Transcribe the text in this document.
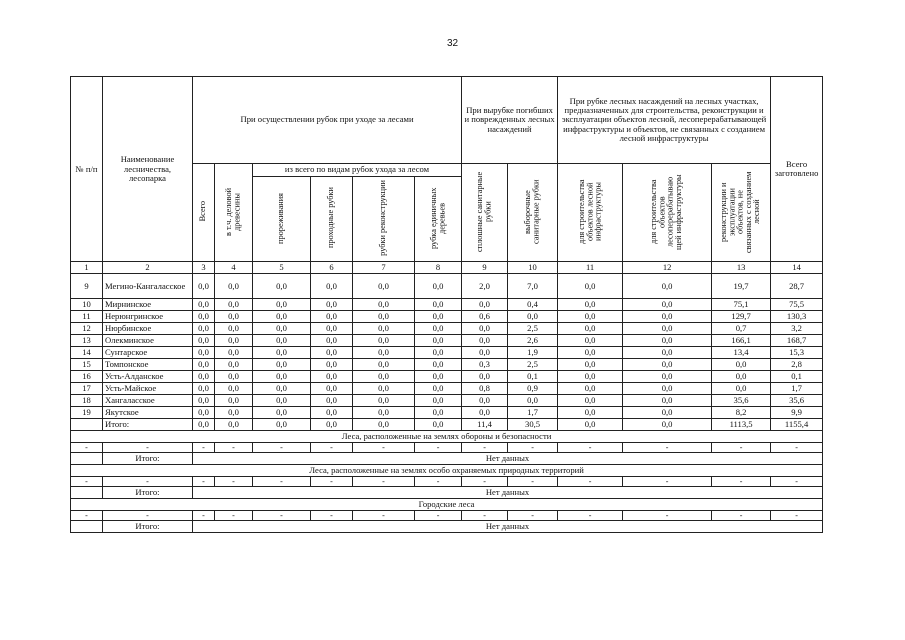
32
№ п/п	Наименование лесничества, лесопарка	При осуществлении рубок при уходе за лесами						При вырубке погибших и поврежденных лесных насаждений		При рубке лесных насаждений на лесных участках, предназначенных для строительства, реконструкции и эксплуатации объектов лесной, лесоперерабатывающей инфраструктуры и объектов, не связанных с созданием лесной инфраструктуры			Всего заготовлено
		Всего	в т.ч. деловой древесины	из всего по видам рубок ухода за лесом				сплошные санитарные рубки	выборочные санитарные рубки	для строительства объектов лесной инфраструктуры	для строительства объектов лесоперерабатываю щей инфраструктуры	реконструкции и эксплуатации объектов, не связанных с созданием лесной	
				прореживания	проходные рубки	рубки реконструкции	рубка единичных деревьев						
1	2	3	4	5	6	7	8	9	10	11	12	13	14
9	Мегино-Кангаласское	0,0	0,0	0,0	0,0	0,0	0,0	2,0	7,0	0,0	0,0	19,7	28,7
10	Мирнинское	0,0	0,0	0,0	0,0	0,0	0,0	0,0	0,4	0,0	0,0	75,1	75,5
11	Нерюнгринское	0,0	0,0	0,0	0,0	0,0	0,0	0,6	0,0	0,0	0,0	129,7	130,3
12	Нюрбинское	0,0	0,0	0,0	0,0	0,0	0,0	0,0	2,5	0,0	0,0	0,7	3,2
13	Олекминское	0,0	0,0	0,0	0,0	0,0	0,0	0,0	2,6	0,0	0,0	166,1	168,7
14	Сунтарское	0,0	0,0	0,0	0,0	0,0	0,0	0,0	1,9	0,0	0,0	13,4	15,3
15	Томпонское	0,0	0,0	0,0	0,0	0,0	0,0	0,3	2,5	0,0	0,0	0,0	2,8
16	Усть-Алданское	0,0	0,0	0,0	0,0	0,0	0,0	0,0	0,1	0,0	0,0	0,0	0,1
17	Усть-Майское	0,0	0,0	0,0	0,0	0,0	0,0	0,8	0,9	0,0	0,0	0,0	1,7
18	Хангаласское	0,0	0,0	0,0	0,0	0,0	0,0	0,0	0,0	0,0	0,0	35,6	35,6
19	Якутское	0,0	0,0	0,0	0,0	0,0	0,0	0,0	1,7	0,0	0,0	8,2	9,9
	Итого:	0,0	0,0	0,0	0,0	0,0	0,0	11,4	30,5	0,0	0,0	1113,5	1155,4
Леса, расположенные на землях обороны и безопасности													
-	-	-	-	-	-	-	-	-	-	-	-	-	-
	Итого:	Нет данных											
Леса, расположенные на землях особо охраняемых природных территорий													
-	-	-	-	-	-	-	-	-	-	-	-	-	-
	Итого:	Нет данных											
Городские леса													
-	-	-	-	-	-	-	-	-	-	-	-	-	-
	Итого:	Нет данных											
